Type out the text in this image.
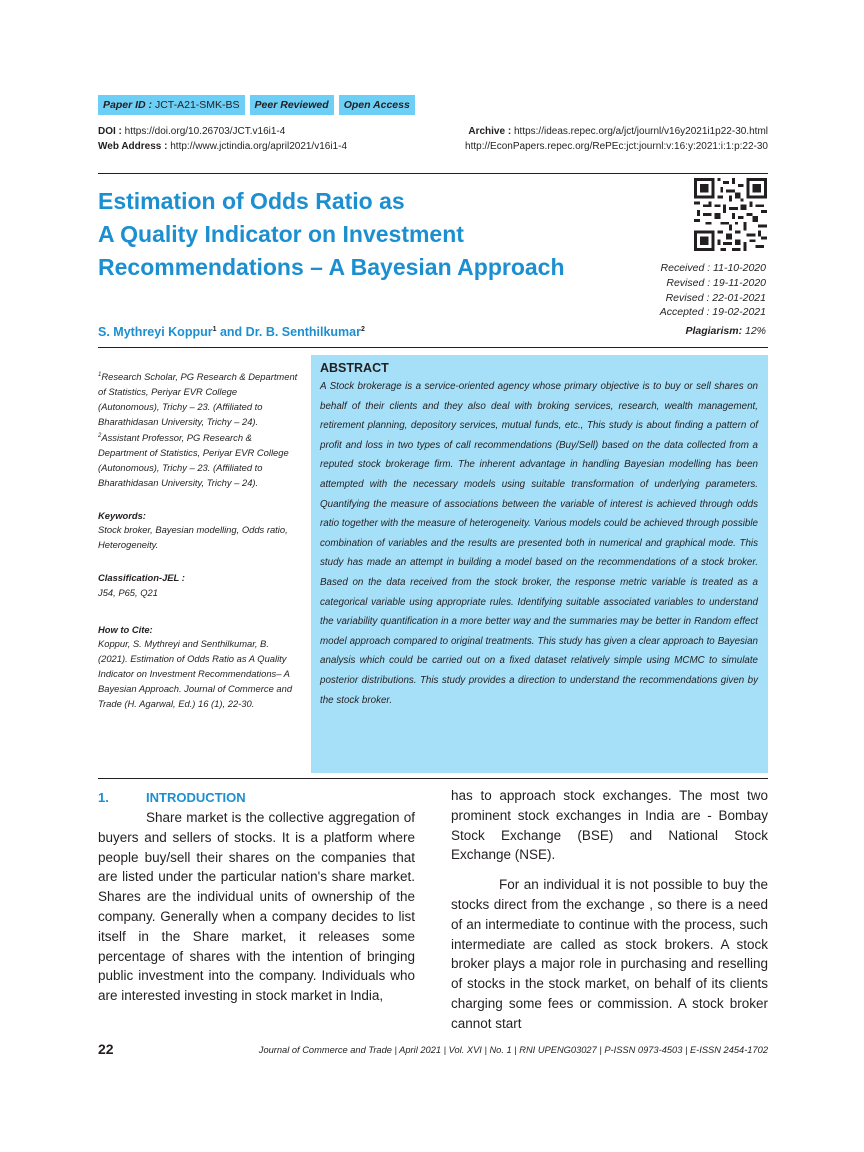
Paper ID : JCT-A21-SMK-BS	Peer Reviewed	Open Access
DOI : https://doi.org/10.26703/JCT.v16i1-4
Web Address : http://www.jctindia.org/april2021/v16i1-4
Archive : https://ideas.repec.org/a/jct/journl/v16y2021i1p22-30.html
http://EconPapers.repec.org/RePEc:jct:journl:v:16:y:2021:i:1:p:22-30
Estimation of Odds Ratio as
A Quality Indicator on Investment
Recommendations – A Bayesian Approach	Received : 11-10-2020
Revised : 19-11-2020
Revised : 22-01-2021
Accepted : 19-02-2021
Plagiarism: 12%
S. Mythreyi Koppur$^1$ and Dr. B. Senthilkumar$^2$

$^1$Research Scholar, PG Research & Department of Statistics, Periyar EVR College (Autonomous), Trichy – 23. (Affiliated to Bharathidasan University, Trichy – 24).

$^2$Assistant Professor, PG Research & Department of Statistics, Periyar EVR College (Autonomous), Trichy – 23. (Affiliated to Bharathidasan University, Trichy – 24).

Keywords:

Stock broker, Bayesian modelling, Odds ratio, Heterogeneity.

Classification-JEL :

J54, P65, Q21

How to Cite:

Koppur, S. Mythreyi and Senthilkumar, B. (2021). Estimation of Odds Ratio as A Quality Indicator on Investment Recommendations– A Bayesian Approach. Journal of Commerce and Trade (H. Agarwal, Ed.) 16 (1), 22-30.

ABSTRACT

A Stock brokerage is a service-oriented agency whose primary objective is to buy or sell shares on behalf of their clients and they also deal with broking services, research, wealth management, retirement planning, depository services, mutual funds, etc., This study is about finding a pattern of profit and loss in two types of call recommendations (Buy/Sell) based on the data collected from a reputed stock brokerage firm. The inherent advantage in handling Bayesian modelling has been attempted with the necessary models using suitable transformation of underlying parameters. Quantifying the measure of associations between the variable of interest is achieved through odds ratio together with the measure of heterogeneity. Various models could be achieved through possible combination of variables and the results are presented both in numerical and graphical mode. This study has made an attempt in building a model based on the recommendations of a stock broker. Based on the data received from the stock broker, the response metric variable is treated as a categorical variable using appropriate rules. Identifying suitable associated variables to understand the variability quantification in a more better way and the summaries may be better in Random effect model approach compared to original treatments. This study has given a clear approach to Bayesian analysis which could be carried out on a fixed dataset relatively simple using MCMC to simulate posterior distributions. This study provides a direction to understand the recommendations given by the stock broker.

1.	INTRODUCTION

Share market is the collective aggregation of buyers and sellers of stocks. It is a platform where people buy/sell their shares on the companies that are listed under the particular nation's share market. Shares are the individual units of ownership of the company. Generally when a company decides to list itself in the Share market, it releases some percentage of shares with the intention of bringing public investment into the company. Individuals who are interested investing in stock market in India,

has to approach stock exchanges. The most two prominent stock exchanges in India are - Bombay Stock Exchange (BSE) and National Stock Exchange (NSE).

For an individual it is not possible to buy the stocks direct from the exchange , so there is a need of an intermediate to continue with the process, such intermediate are called as stock brokers. A stock broker plays a major role in purchasing and reselling of stocks in the stock market, on behalf of its clients charging some fees or commission. A stock broker cannot start

22	Journal of Commerce and Trade | April 2021 | Vol. XVI | No. 1 | RNI UPENG03027 | P-ISSN 0973-4503 | E-ISSN 2454-1702
